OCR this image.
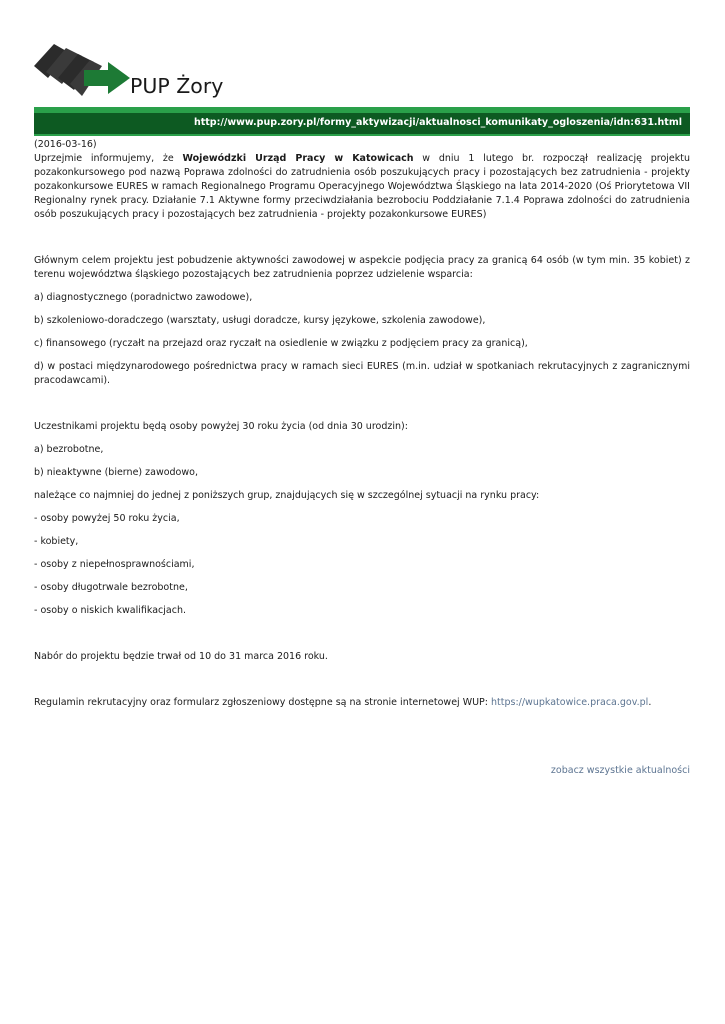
PUP Żory
http://www.pup.zory.pl/formy_aktywizacji/aktualnosci_komunikaty_ogloszenia/idn:631.html

(2016-03-16)

Uprzejmie informujemy, że Wojewódzki Urząd Pracy w Katowicach w dniu 1 lutego br. rozpoczął realizację projektu pozakonkursowego pod nazwą Poprawa zdolności do zatrudnienia osób poszukujących pracy i pozostających bez zatrudnienia - projekty pozakonkursowe EURES w ramach Regionalnego Programu Operacyjnego Województwa Śląskiego na lata 2014-2020 (Oś Priorytetowa VII Regionalny rynek pracy. Działanie 7.1 Aktywne formy przeciwdziałania bezrobociu Poddziałanie 7.1.4 Poprawa zdolności do zatrudnienia osób poszukujących pracy i pozostających bez zatrudnienia - projekty pozakonkursowe EURES)

Głównym celem projektu jest pobudzenie aktywności zawodowej w aspekcie podjęcia pracy za granicą 64 osób (w tym min. 35 kobiet) z terenu województwa śląskiego pozostających bez zatrudnienia poprzez udzielenie wsparcia:

a) diagnostycznego (poradnictwo zawodowe),

b) szkoleniowo-doradczego (warsztaty, usługi doradcze, kursy językowe, szkolenia zawodowe),

c) finansowego (ryczałt na przejazd oraz ryczałt na osiedlenie w związku z podjęciem pracy za granicą),

d) w postaci międzynarodowego pośrednictwa pracy w ramach sieci EURES (m.in. udział w spotkaniach rekrutacyjnych z zagranicznymi pracodawcami).

Uczestnikami projektu będą osoby powyżej 30 roku życia (od dnia 30 urodzin):

a) bezrobotne,

b) nieaktywne (bierne) zawodowo,

należące co najmniej do jednej z poniższych grup, znajdujących się w szczególnej sytuacji na rynku pracy:

- osoby powyżej 50 roku życia,

- kobiety,

- osoby z niepełnosprawnościami,

- osoby długotrwale bezrobotne,

- osoby o niskich kwalifikacjach.

Nabór do projektu będzie trwał od 10 do 31 marca 2016 roku.

Regulamin rekrutacyjny oraz formularz zgłoszeniowy dostępne są na stronie internetowej WUP: https://wupkatowice.praca.gov.pl.

zobacz wszystkie aktualności
